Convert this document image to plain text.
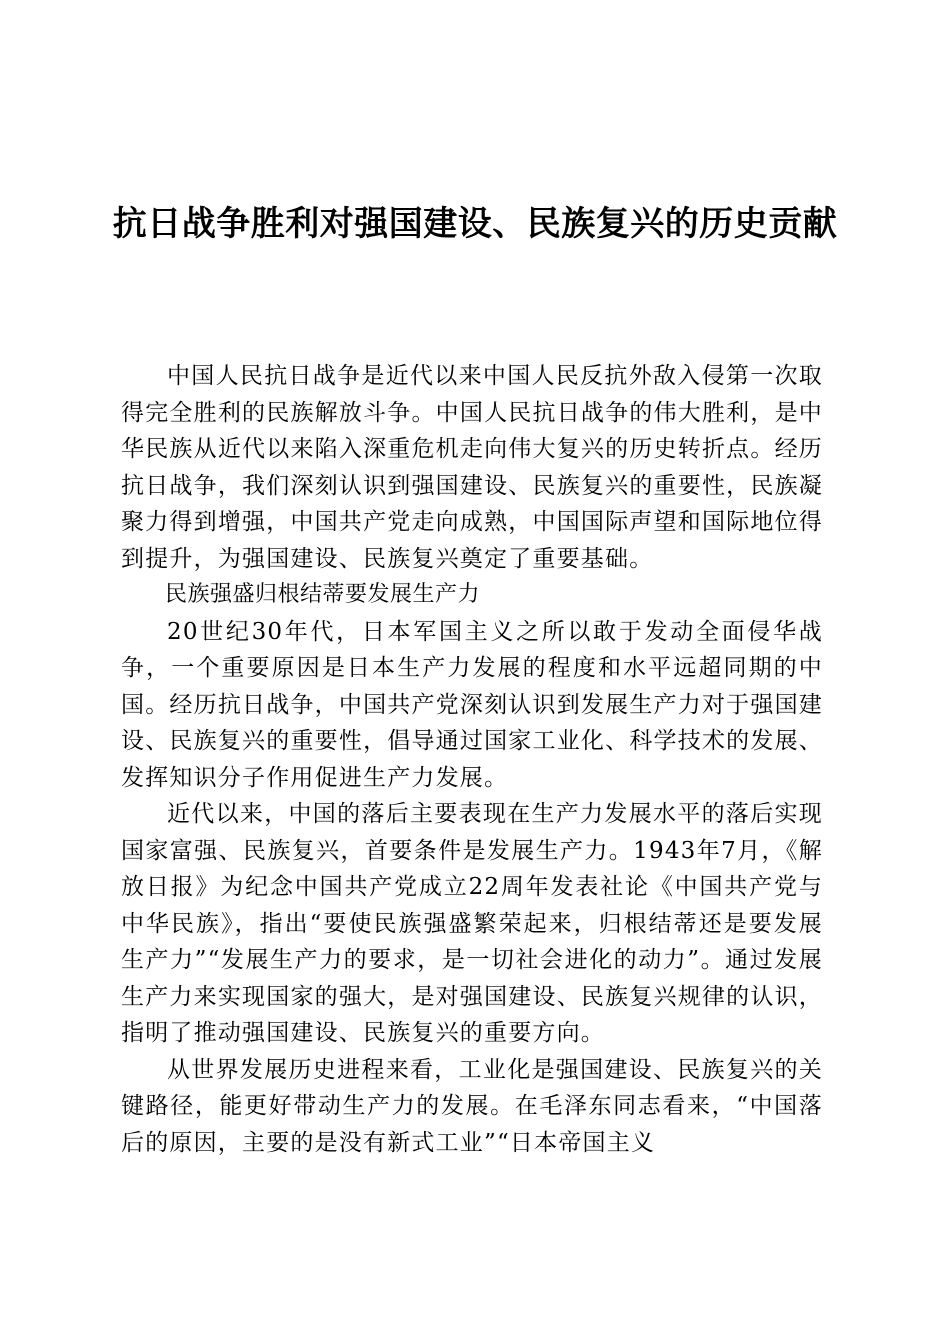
抗日战争胜利对强国建设、民族复兴的历史贡献

中国人民抗日战争是近代以来中国人民反抗外敌入侵第一次取得完全胜利的民族解放斗争。中国人民抗日战争的伟大胜利，是中华民族从近代以来陷入深重危机走向伟大复兴的历史转折点。经历抗日战争，我们深刻认识到强国建设、民族复兴的重要性，民族凝聚力得到增强，中国共产党走向成熟，中国国际声望和国际地位得到提升，为强国建设、民族复兴奠定了重要基础。

民族强盛归根结蒂要发展生产力

20世纪30年代，日本军国主义之所以敢于发动全面侵华战争，一个重要原因是日本生产力发展的程度和水平远超同期的中国。经历抗日战争，中国共产党深刻认识到发展生产力对于强国建设、民族复兴的重要性，倡导通过国家工业化、科学技术的发展、发挥知识分子作用促进生产力发展。

近代以来，中国的落后主要表现在生产力发展水平的落后实现国家富强、民族复兴，首要条件是发展生产力。1943年7月，《解放日报》为纪念中国共产党成立22周年发表社论《中国共产党与中华民族》，指出“要使民族强盛繁荣起来，归根结蒂还是要发展生产力”“发展生产力的要求，是一切社会进化的动力”。通过发展生产力来实现国家的强大，是对强国建设、民族复兴规律的认识，指明了推动强国建设、民族复兴的重要方向。

从世界发展历史进程来看，工业化是强国建设、民族复兴的关键路径，能更好带动生产力的发展。在毛泽东同志看来，“中国落后的原因，主要的是没有新式工业”“日本帝国主义
